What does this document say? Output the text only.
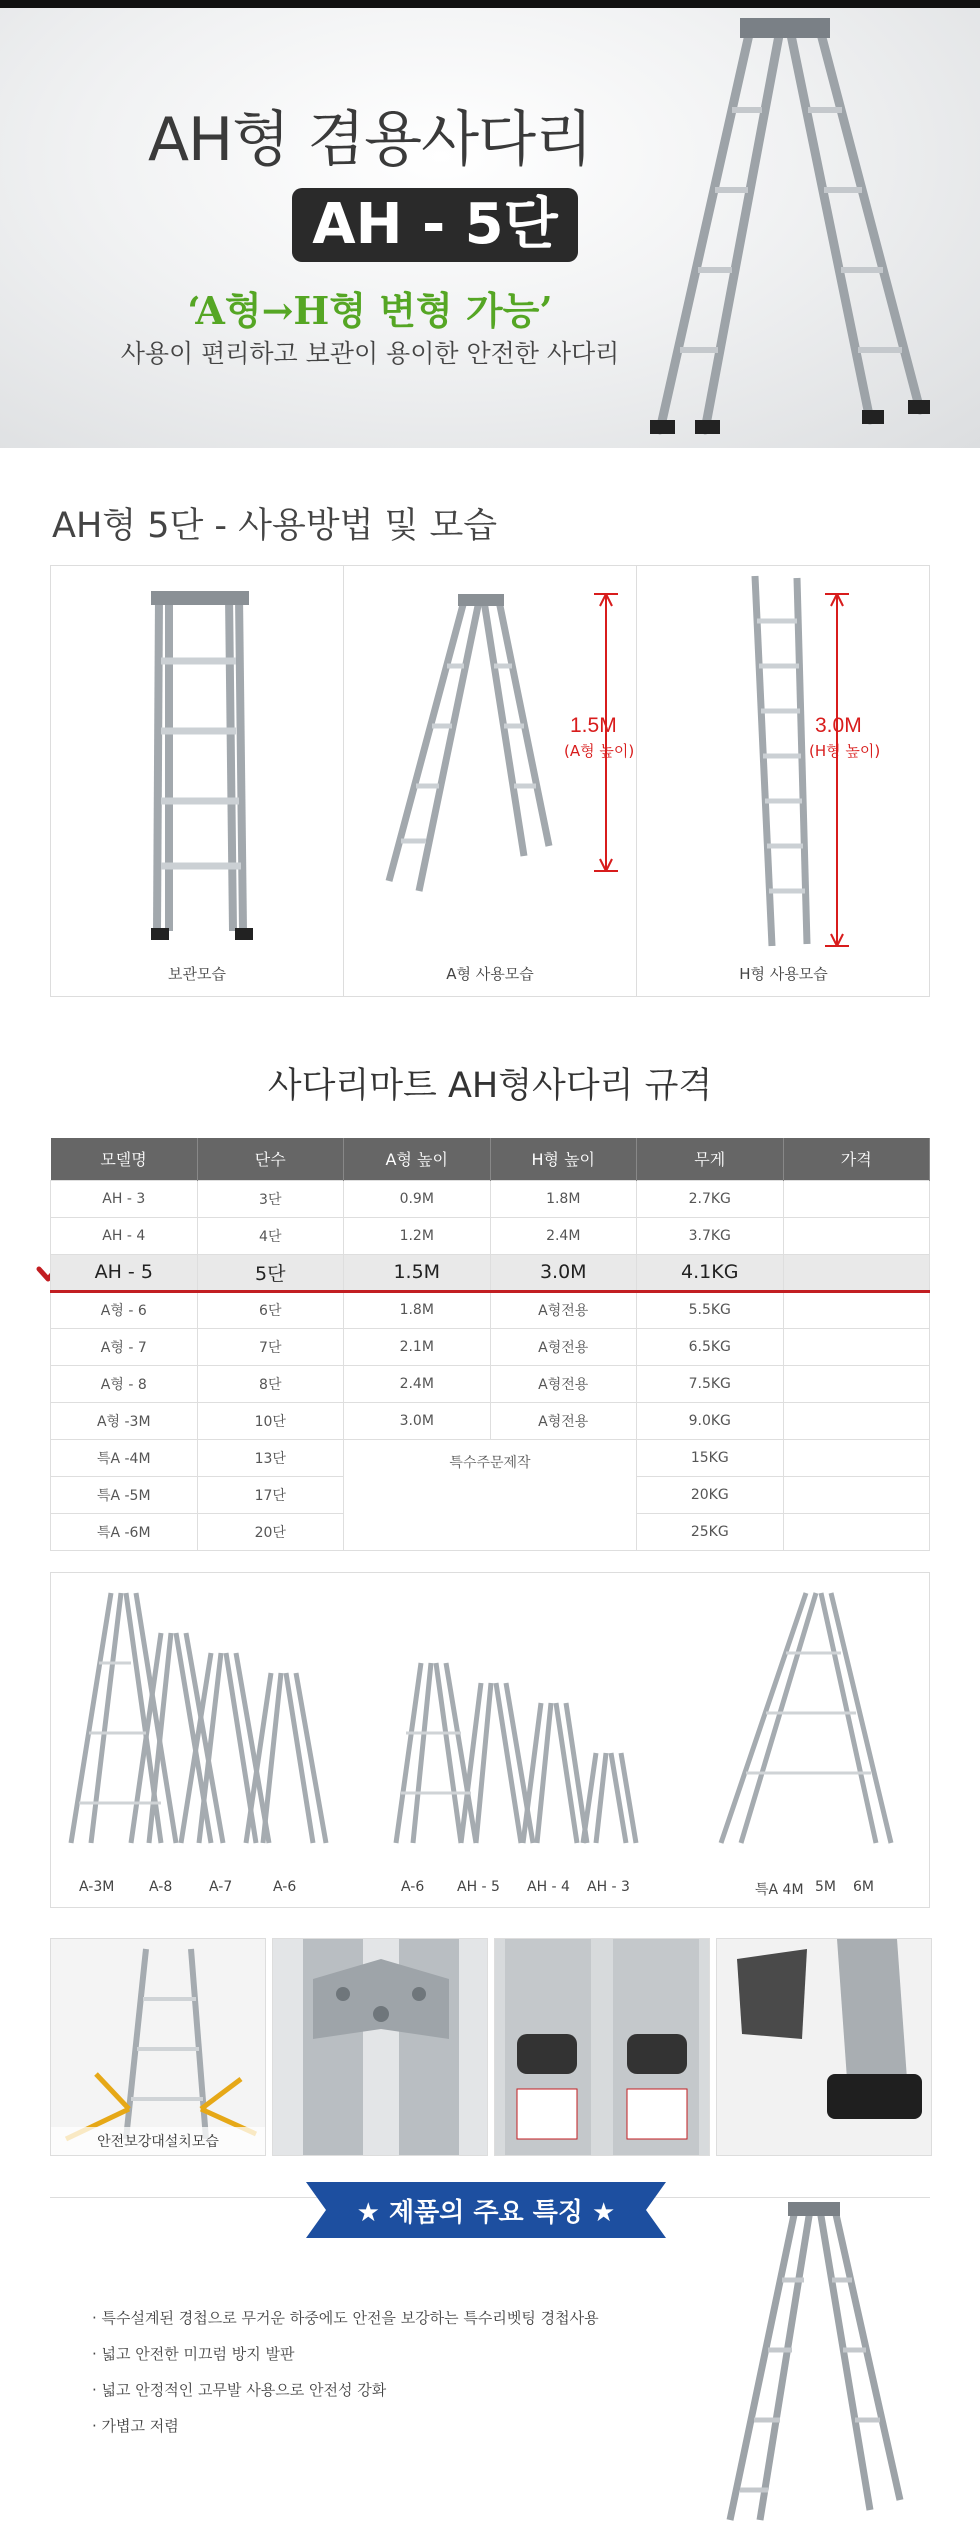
AH형 겸용사다리
AH - 5단
‘A형→H형 변형 가능’
사용이 편리하고 보관이 용이한 안전한 사다리
AH형 5단 - 사용방법 및 모습
보관모습
1.5M
(A형 높이)
A형 사용모습
3.0M
(H형 높이)
H형 사용모습
사다리마트 AH형사다리 규격
모델명	단수	A형 높이	H형 높이	무게	가격
AH - 3	3단	0.9M	1.8M	2.7KG	
AH - 4	4단	1.2M	2.4M	3.7KG	
AH - 5	5단	1.5M	3.0M	4.1KG	
A형 - 6	6단	1.8M	A형전용	5.5KG	
A형 - 7	7단	2.1M	A형전용	6.5KG	
A형 - 8	8단	2.4M	A형전용	7.5KG	
A형 -3M	10단	3.0M	A형전용	9.0KG	
특A -4M	13단	특수주문제작		15KG	
특A -5M	17단			20KG	
특A -6M	20단			25KG	
A-3M A-8	A-7	A-6	A-6 AH - 5 AH - 4 AH - 3	특A 4M 5M 6M
안전보강대설치모습
★ 제품의 주요 특징 ★
· 특수설계된 경첩으로 무거운 하중에도 안전을 보강하는 특수리벳팅 경첩사용
· 넓고 안전한 미끄럼 방지 발판
· 넓고 안정적인 고무발 사용으로 안전성 강화
· 가볍고 저렴
